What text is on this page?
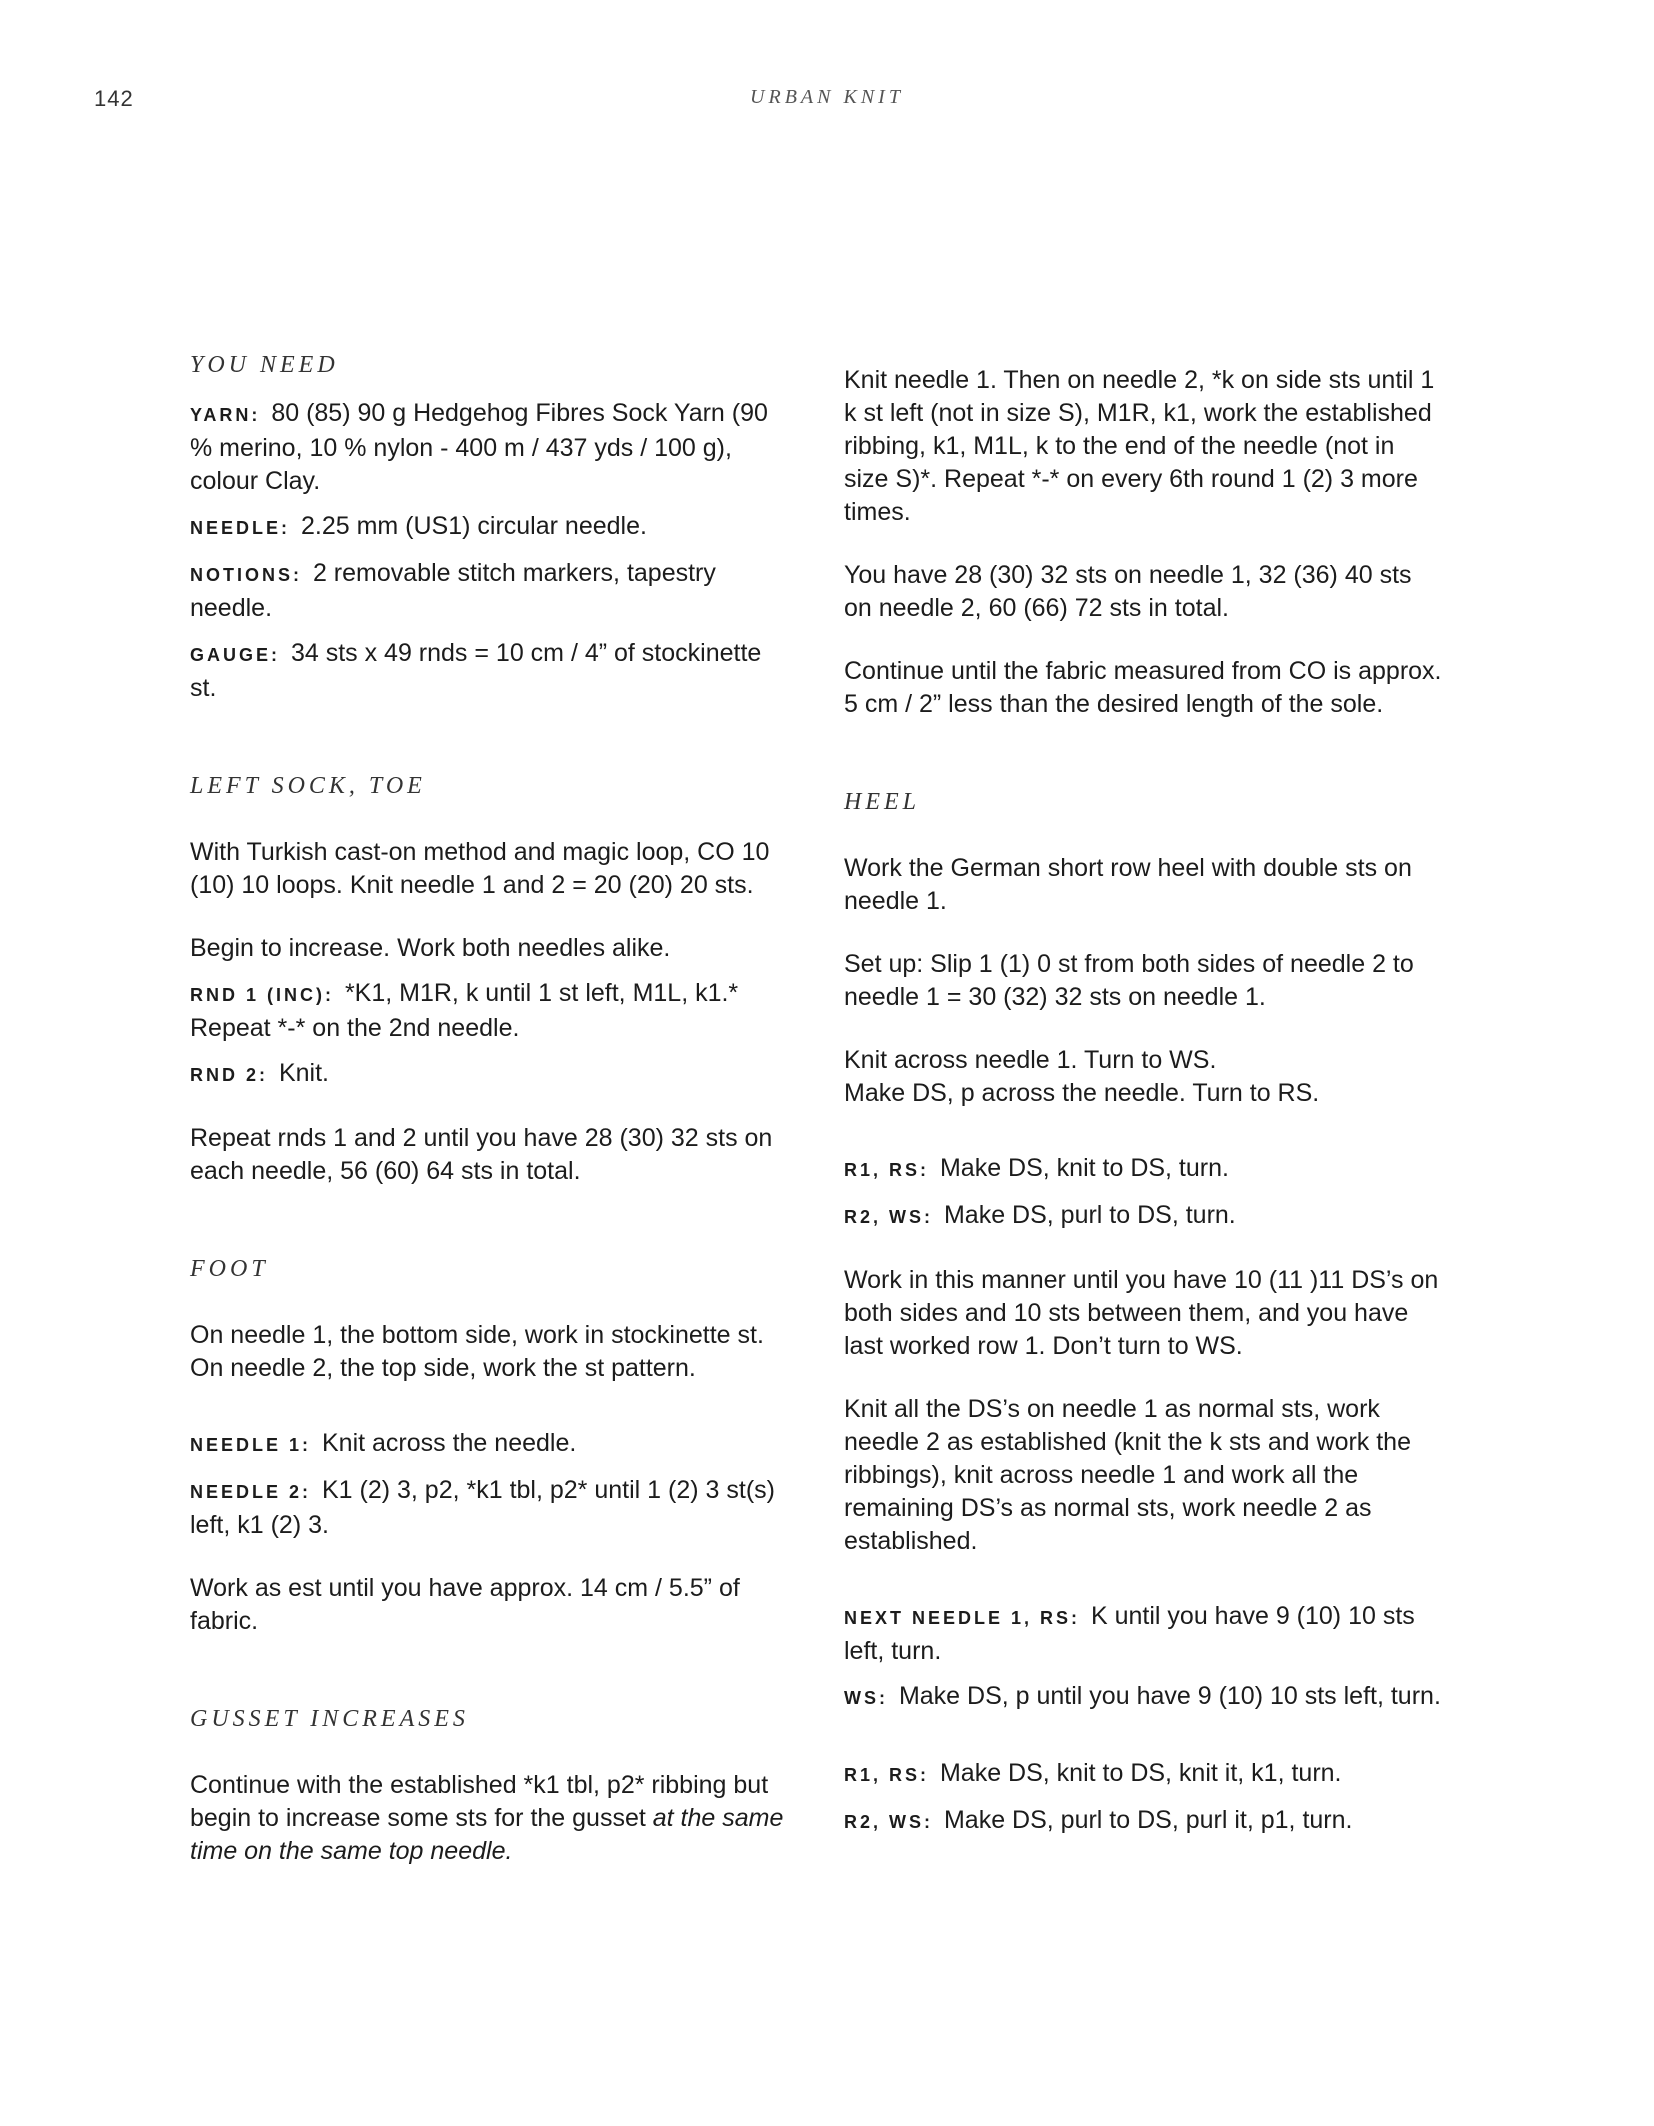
142	URBAN KNIT
YOU NEED

YARN: 80 (85) 90 g Hedgehog Fibres Sock Yarn (90 % merino, 10 % nylon - 400 m / 437 yds / 100 g), colour Clay.

NEEDLE: 2.25 mm (US1) circular needle.

NOTIONS: 2 removable stitch markers, tapestry needle.

GAUGE: 34 sts x 49 rnds = 10 cm / 4” of stockinette st.

LEFT SOCK, TOE

With Turkish cast-on method and magic loop, CO 10 (10) 10 loops. Knit needle 1 and 2 = 20 (20) 20 sts.

Begin to increase. Work both needles alike.

RND 1 (INC): *K1, M1R, k until 1 st left, M1L, k1.* Repeat *-* on the 2nd needle.

RND 2: Knit.

Repeat rnds 1 and 2 until you have 28 (30) 32 sts on each needle, 56 (60) 64 sts in total.

FOOT

On needle 1, the bottom side, work in stockinette st. On needle 2, the top side, work the st pattern.

NEEDLE 1: Knit across the needle.

NEEDLE 2: K1 (2) 3, p2, *k1 tbl, p2* until 1 (2) 3 st(s) left, k1 (2) 3.

Work as est until you have approx. 14 cm / 5.5” of fabric.

GUSSET INCREASES

Continue with the established *k1 tbl, p2* ribbing but begin to increase some sts for the gusset at the same time on the same top needle.

Knit needle 1. Then on needle 2, *k on side sts until 1 k st left (not in size S), M1R, k1, work the established ribbing, k1, M1L, k to the end of the needle (not in size S)*. Repeat *-* on every 6th round 1 (2) 3 more times.

You have 28 (30) 32 sts on needle 1, 32 (36) 40 sts on needle 2, 60 (66) 72 sts in total.

Continue until the fabric measured from CO is approx. 5 cm / 2” less than the desired length of the sole.

HEEL

Work the German short row heel with double sts on needle 1.

Set up: Slip 1 (1) 0 st from both sides of needle 2 to needle 1 = 30 (32) 32 sts on needle 1.

Knit across needle 1. Turn to WS.

Make DS, p across the needle. Turn to RS.

R1, RS: Make DS, knit to DS, turn.

R2, WS: Make DS, purl to DS, turn.

Work in this manner until you have 10 (11 )11 DS’s on both sides and 10 sts between them, and you have last worked row 1. Don’t turn to WS.

Knit all the DS’s on needle 1 as normal sts, work needle 2 as established (knit the k sts and work the ribbings), knit across needle 1 and work all the remaining DS’s as normal sts, work needle 2 as established.

NEXT NEEDLE 1, RS: K until you have 9 (10) 10 sts left, turn.

WS: Make DS, p until you have 9 (10) 10 sts left, turn.

R1, RS: Make DS, knit to DS, knit it, k1, turn.

R2, WS: Make DS, purl to DS, purl it, p1, turn.
